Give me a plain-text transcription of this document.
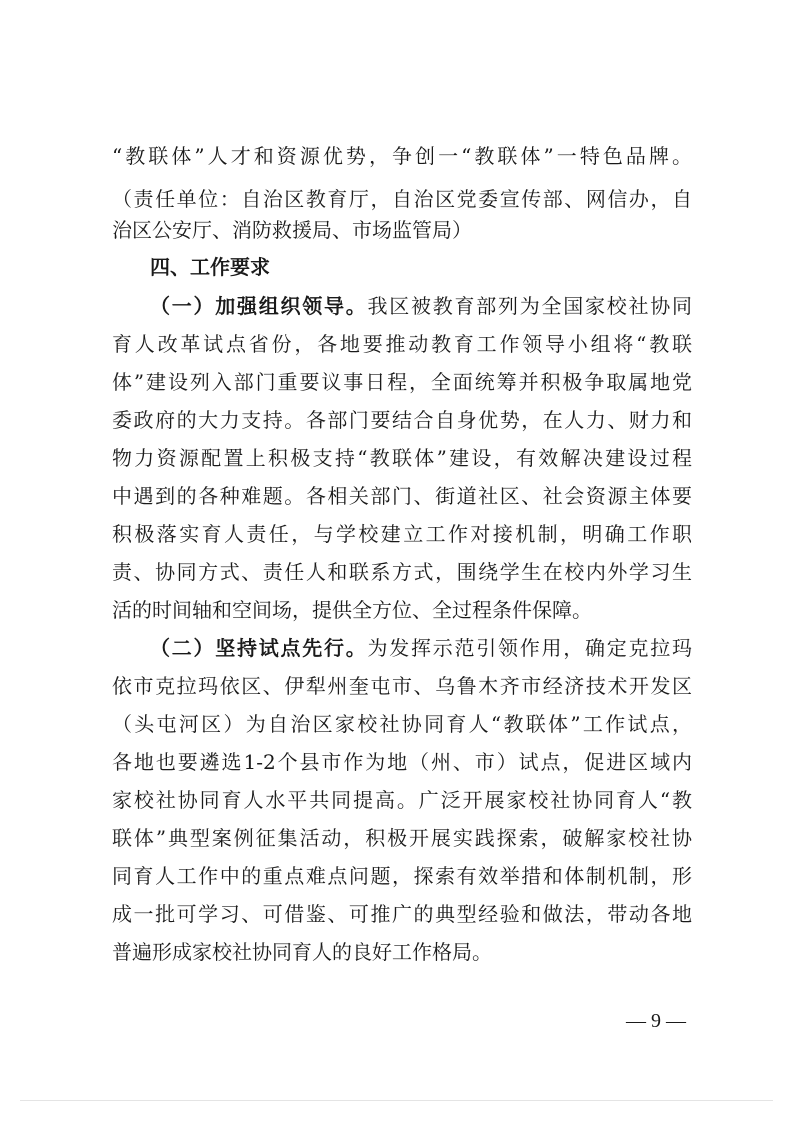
“教联体”人才和资源优势，争创一“教联体”一特色品牌。
（责任单位：自治区教育厅，自治区党委宣传部、网信办，自
治区公安厅、消防救援局、市场监管局）
四、工作要求
（一）加强组织领导。我区被教育部列为全国家校社协同
育人改革试点省份，各地要推动教育工作领导小组将“教联
体”建设列入部门重要议事日程，全面统筹并积极争取属地党
委政府的大力支持。各部门要结合自身优势，在人力、财力和
物力资源配置上积极支持“教联体”建设，有效解决建设过程
中遇到的各种难题。各相关部门、街道社区、社会资源主体要
积极落实育人责任，与学校建立工作对接机制，明确工作职
责、协同方式、责任人和联系方式，围绕学生在校内外学习生
活的时间轴和空间场，提供全方位、全过程条件保障。
（二）坚持试点先行。为发挥示范引领作用，确定克拉玛
依市克拉玛依区、伊犁州奎屯市、乌鲁木齐市经济技术开发区
（头屯河区）为自治区家校社协同育人“教联体”工作试点，
各地也要遴选1-2个县市作为地（州、市）试点，促进区域内
家校社协同育人水平共同提高。广泛开展家校社协同育人“教
联体”典型案例征集活动，积极开展实践探索，破解家校社协
同育人工作中的重点难点问题，探索有效举措和体制机制，形
成一批可学习、可借鉴、可推广的典型经验和做法，带动各地
普遍形成家校社协同育人的良好工作格局。
— 9 —
